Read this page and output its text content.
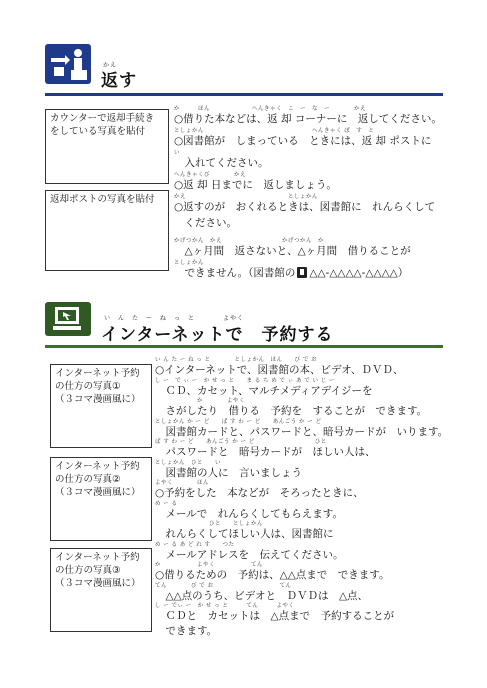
かえ
返す
カウンターで返却手続き
をしている写真を貼付
返却ポストの写真を貼付
か　　　ほん　　　　　　　へんきゃく　こ　ー　な　ー　　　　かえ
○借りた本などは、返 却 コーナーに　返してください。
としょかん　　　　　　　　　　　　　　　　　　へんきゃく ぽ　す　と
○図書館が　しまっている　ときには、返 却 ポストに
い
　入れてください。
へんきゃくび　　　　かえ
○返 却 日までに　返しましょう。
かえ　　　　　　　　　　　　　　　　　としょかん
○返すのが　おくれるときは、図書館に　れんらくして
　ください。
かげつかん　かえ　　　　　　　　　　かげつかん　か
　△ヶ月間　返さないと、△ヶ月間　借りることが
としょかん
　できません。（図書館の △△-△△△△-△△△△）
い　ん　た　ー　ね　っ　と　　　　よやく
インターネットで　予約する
インターネット予約
の仕方の写真①
（３コマ漫画風に）
インターネット予約
の仕方の写真②
（３コマ漫画風に）
インターネット予約
の仕方の写真③
（３コマ漫画風に）
い ん た ー ね っ と　　　　としょかん　ほん　　び で お
○インターネットで、図書館の本、ビデオ、ＤＶＤ、
し ー　で ぃ ー　か せ っ と　　ま る ち め で ぃ あ で い じ ー
　ＣＤ、カセット、マルチメディアデイジーを
　　　　　　　か　　　　よやく
　さがしたり　借りる　予約を　することが　できます。
としょかん か ー ど　　ぱ す わ ー ど　　あんごう か ー ど
　図書館カードと、パスワードと、暗号カードが　いります。
ぱ す わ ー ど　　あんごう か ー ど　　　　　　　　　　ひと
　パスワードと　暗号カードが　ほしい人は、
としょかん　ひと　　い
　図書館の人に　言いましょう
よやく　　　　ほん
○予約をした　本などが　そろったときに、
め ー る
　メールで　れんらくしてもらえます。
　　　　　　　　　ひと　　としょかん
　れんらくしてほしい人は、図書館に
め ー る あ ど れ す　　つた
　メールアドレスを　伝えてください。
か　　　　　　よやく　　　　　　てん
○借りるための　予約は、△△点まで　できます。
てん　　　　び で お　　　　　　　　　　　てん
　△△点のうち、ビデオと　ＤＶＤは　△点、
し ー でぃ ー　か せ っ と　　　てん　　　よやく
　ＣＤと　カセットは　△点まで　予約することが
　できます。
